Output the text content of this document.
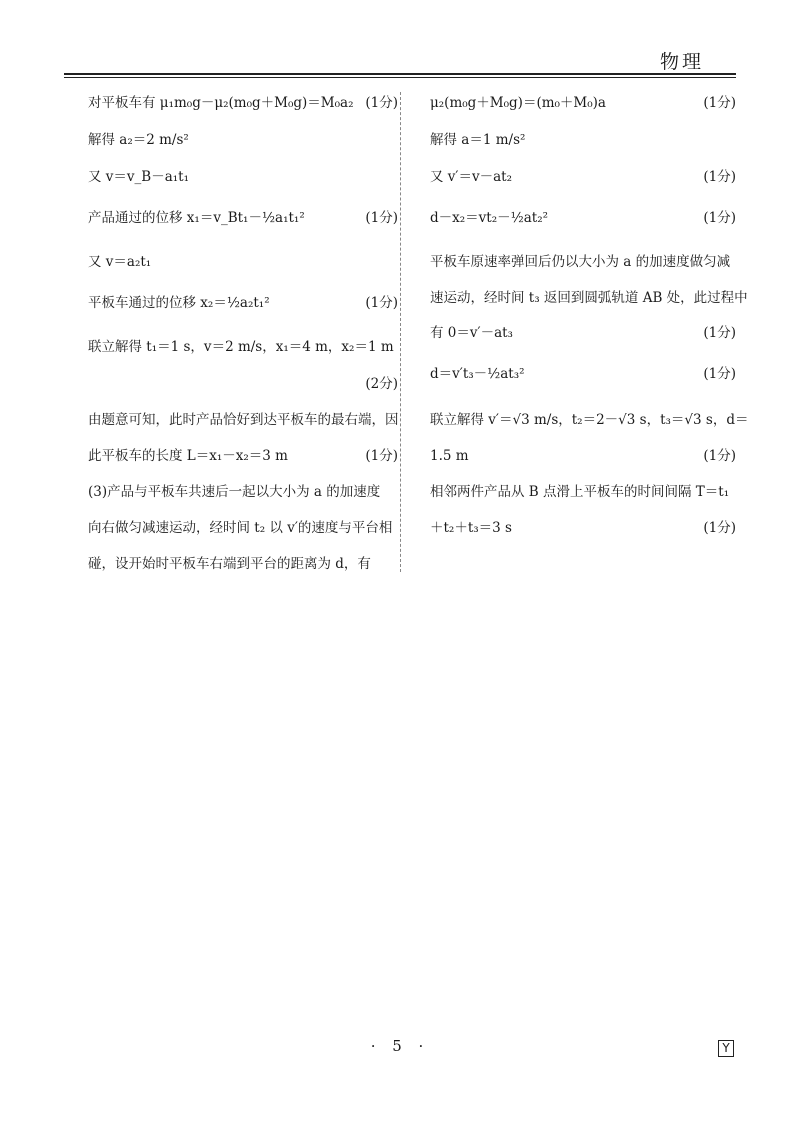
物理
对平板车有 μ₁m₀g－μ₂(m₀g＋M₀g)＝M₀a₂ (1分)
解得 a₂＝2 m/s²
又 v＝v_B－a₁t₁
产品通过的位移 x₁＝v_Bt₁－½a₁t₁²	(1分)
又 v＝a₂t₁
平板车通过的位移 x₂＝½a₂t₁²	(1分)
联立解得 t₁＝1 s，v＝2 m/s，x₁＝4 m，x₂＝1 m
(2分)
由题意可知，此时产品恰好到达平板车的最右端，因
此平板车的长度 L＝x₁－x₂＝3 m	(1分)
(3)产品与平板车共速后一起以大小为 a 的加速度
向右做匀减速运动，经时间 t₂ 以 v′的速度与平台相
碰，设开始时平板车右端到平台的距离为 d，有
μ₂(m₀g＋M₀g)＝(m₀＋M₀)a	(1分)
解得 a＝1 m/s²
又 v′＝v－at₂	(1分)
d－x₂＝vt₂－½at₂²	(1分)
平板车原速率弹回后仍以大小为 a 的加速度做匀减
速运动，经时间 t₃ 返回到圆弧轨道 AB 处，此过程中
有 0＝v′－at₃	(1分)
d＝v′t₃－½at₃²	(1分)
联立解得 v′＝√3 m/s，t₂＝2－√3 s，t₃＝√3 s，d＝
1.5 m	(1分)
相邻两件产品从 B 点滑上平板车的时间间隔 T＝t₁
＋t₂＋t₃＝3 s	(1分)
· 5 ·	Y
